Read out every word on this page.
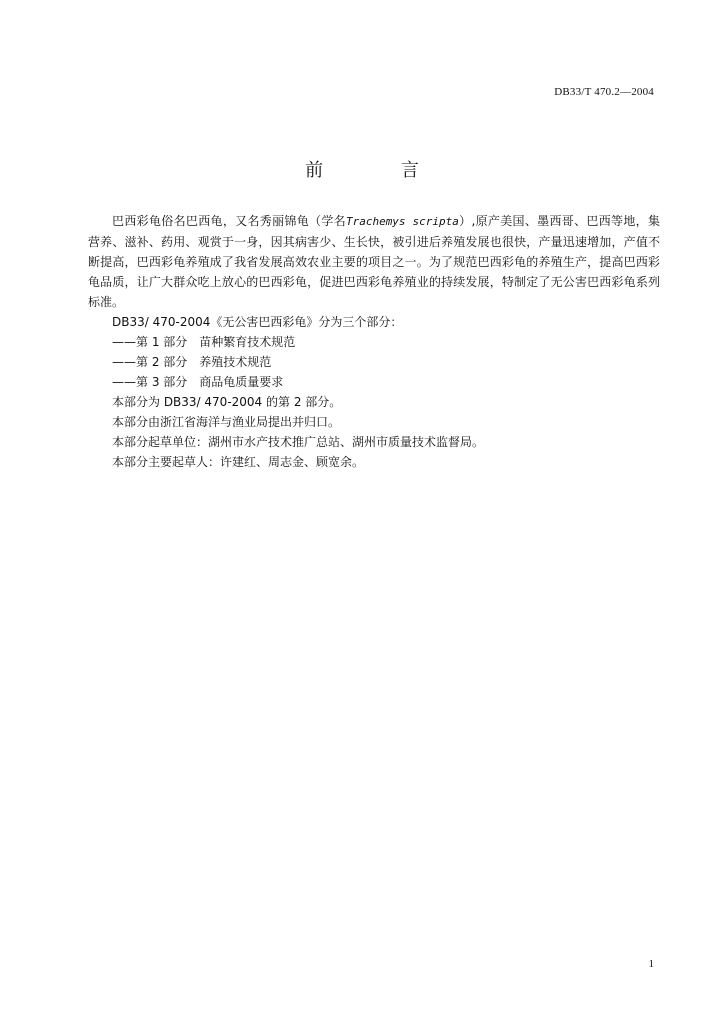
DB33/T 470.2—2004
前 言

巴西彩龟俗名巴西龟，又名秀丽锦龟（学名Trachemys scripta）,原产美国、墨西哥、巴西等地，集营养、滋补、药用、观赏于一身，因其病害少、生长快，被引进后养殖发展也很快，产量迅速增加，产值不断提高，巴西彩龟养殖成了我省发展高效农业主要的项目之一。为了规范巴西彩龟的养殖生产，提高巴西彩龟品质，让广大群众吃上放心的巴西彩龟，促进巴西彩龟养殖业的持续发展，特制定了无公害巴西彩龟系列标准。

DB33/ 470-2004《无公害巴西彩龟》分为三个部分：

——第 1 部分　苗种繁育技术规范

——第 2 部分　养殖技术规范

——第 3 部分　商品龟质量要求

本部分为 DB33/ 470-2004 的第 2 部分。

本部分由浙江省海洋与渔业局提出并归口。

本部分起草单位：湖州市水产技术推广总站、湖州市质量技术监督局。

本部分主要起草人：许建红、周志金、顾宽余。

1
